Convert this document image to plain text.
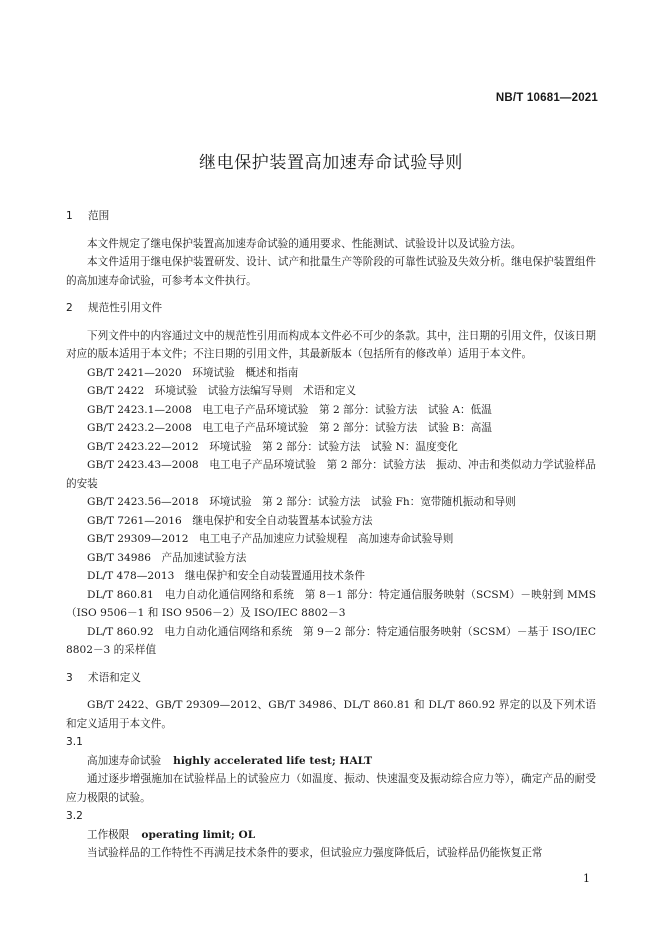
NB/T 10681—2021
继电保护装置高加速寿命试验导则

1 范围

本文件规定了继电保护装置高加速寿命试验的通用要求、性能测试、试验设计以及试验方法。

本文件适用于继电保护装置研发、设计、试产和批量生产等阶段的可靠性试验及失效分析。继电保护装置组件的高加速寿命试验，可参考本文件执行。

2 规范性引用文件

下列文件中的内容通过文中的规范性引用而构成本文件必不可少的条款。其中，注日期的引用文件，仅该日期对应的版本适用于本文件；不注日期的引用文件，其最新版本（包括所有的修改单）适用于本文件。

GB/T 2421—2020　环境试验　概述和指南

GB/T 2422　环境试验　试验方法编写导则　术语和定义

GB/T 2423.1—2008　电工电子产品环境试验　第 2 部分：试验方法　试验 A：低温

GB/T 2423.2—2008　电工电子产品环境试验　第 2 部分：试验方法　试验 B：高温

GB/T 2423.22—2012　环境试验　第 2 部分：试验方法　试验 N：温度变化

GB/T 2423.43—2008　电工电子产品环境试验　第 2 部分：试验方法　振动、冲击和类似动力学试验样品的安装

GB/T 2423.56—2018　环境试验　第 2 部分：试验方法　试验 Fh：宽带随机振动和导则

GB/T 7261—2016　继电保护和安全自动装置基本试验方法

GB/T 29309—2012　电工电子产品加速应力试验规程　高加速寿命试验导则

GB/T 34986　产品加速试验方法

DL/T 478—2013　继电保护和安全自动装置通用技术条件

DL/T 860.81　电力自动化通信网络和系统　第 8－1 部分：特定通信服务映射（SCSM）－映射到 MMS（ISO 9506－1 和 ISO 9506－2）及 ISO/IEC 8802－3

DL/T 860.92　电力自动化通信网络和系统　第 9－2 部分：特定通信服务映射（SCSM）－基于 ISO/IEC 8802－3 的采样值

3 术语和定义

GB/T 2422、GB/T 29309—2012、GB/T 34986、DL/T 860.81 和 DL/T 860.92 界定的以及下列术语和定义适用于本文件。

3.1

高加速寿命试验 highly accelerated life test; HALT

通过逐步增强施加在试验样品上的试验应力（如温度、振动、快速温变及振动综合应力等），确定产品的耐受应力极限的试验。

3.2

工作极限 operating limit; OL

当试验样品的工作特性不再满足技术条件的要求，但试验应力强度降低后，试验样品仍能恢复正常

1
